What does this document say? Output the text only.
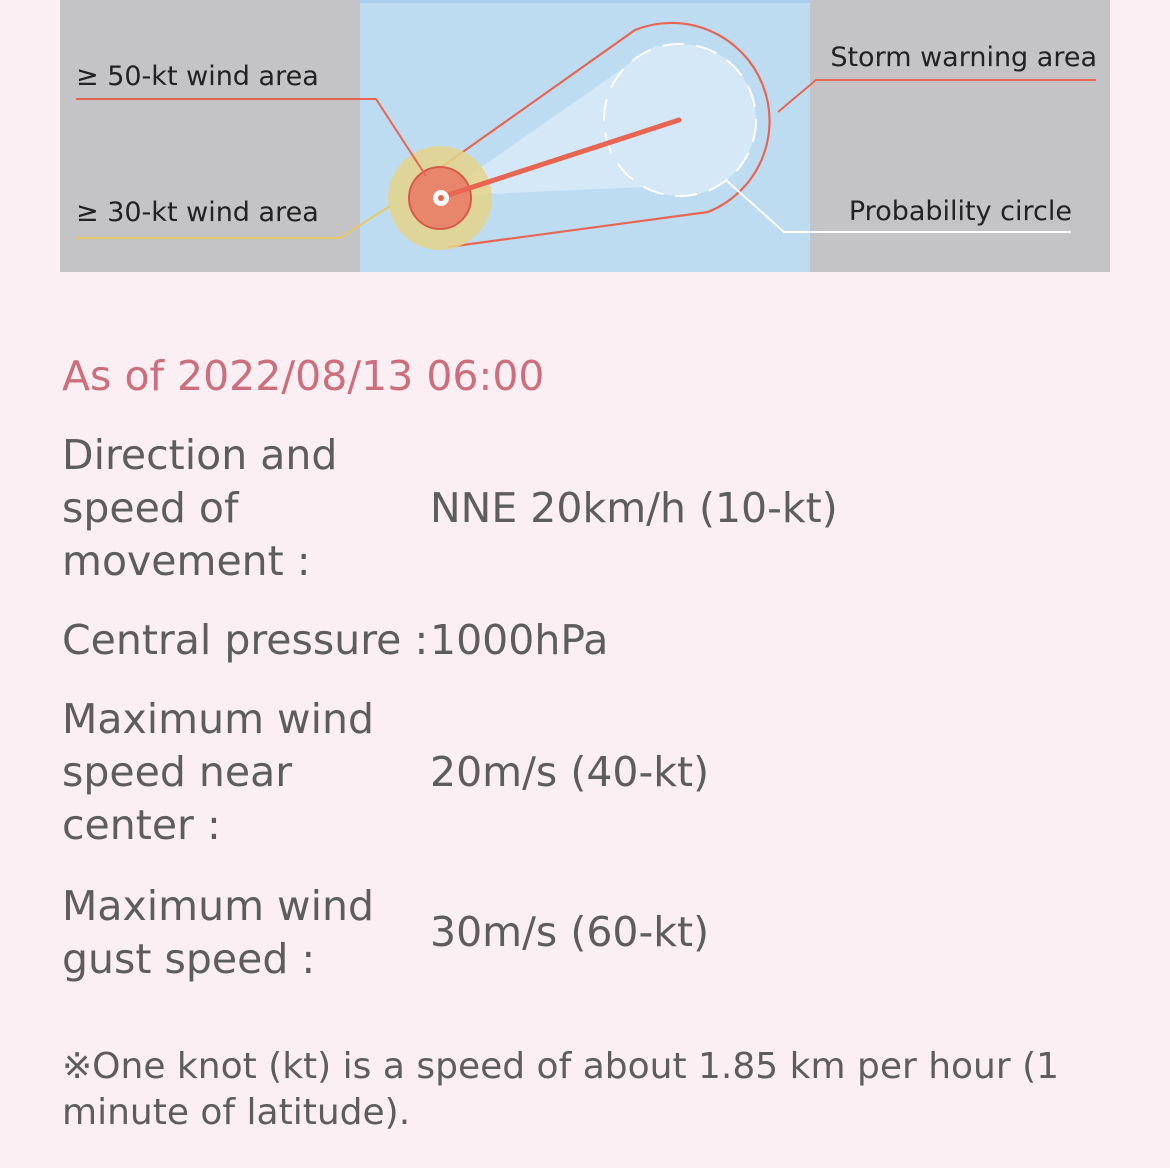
≥ 50-kt wind area
≥ 30-kt wind area
Storm warning area
Probability circle
As of 2022/08/13 06:00
Direction and speed of movement :
NNE 20km/h (10-kt)
Central pressure : 1000hPa
Maximum wind speed near center :
20m/s (40-kt)
Maximum wind gust speed :
30m/s (60-kt)
※One knot (kt) is a speed of about 1.85 km per hour (1 minute of latitude).
